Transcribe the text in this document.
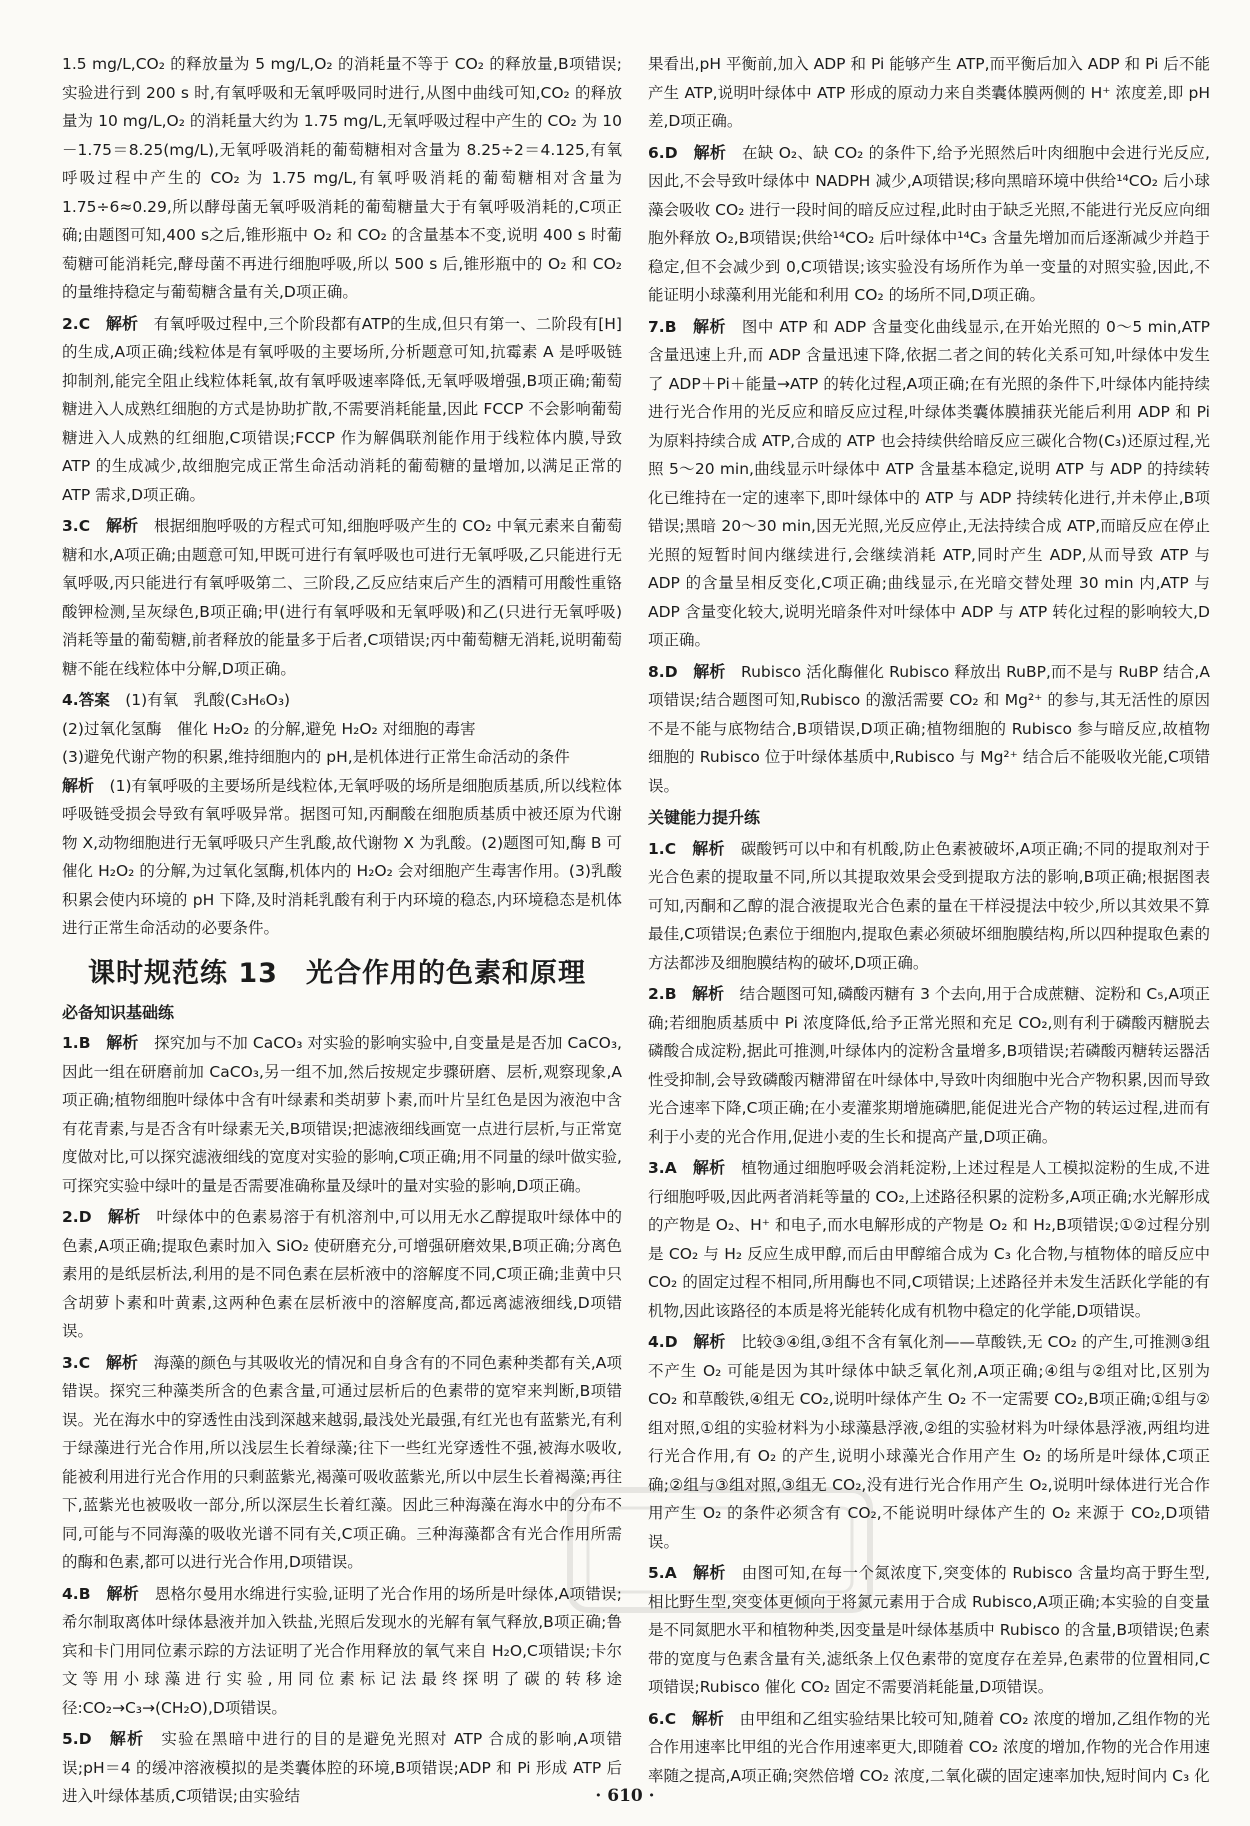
1.5 mg/L,CO₂ 的释放量为 5 mg/L,O₂ 的消耗量不等于 CO₂ 的释放量,B项错误;实验进行到 200 s 时,有氧呼吸和无氧呼吸同时进行,从图中曲线可知,CO₂ 的释放量为 10 mg/L,O₂ 的消耗量大约为 1.75 mg/L,无氧呼吸过程中产生的 CO₂ 为 10－1.75＝8.25(mg/L),无氧呼吸消耗的葡萄糖相对含量为 8.25÷2＝4.125,有氧呼吸过程中产生的 CO₂ 为 1.75 mg/L,有氧呼吸消耗的葡萄糖相对含量为 1.75÷6≈0.29,所以酵母菌无氧呼吸消耗的葡萄糖量大于有氧呼吸消耗的,C项正确;由题图可知,400 s之后,锥形瓶中 O₂ 和 CO₂ 的含量基本不变,说明 400 s 时葡萄糖可能消耗完,酵母菌不再进行细胞呼吸,所以 500 s 后,锥形瓶中的 O₂ 和 CO₂ 的量维持稳定与葡萄糖含量有关,D项正确。

2.C　 解析　 有氧呼吸过程中,三个阶段都有ATP的生成,但只有第一、二阶段有[H]的生成,A项正确;线粒体是有氧呼吸的主要场所,分析题意可知,抗霉素 A 是呼吸链抑制剂,能完全阻止线粒体耗氧,故有氧呼吸速率降低,无氧呼吸增强,B项正确;葡萄糖进入人成熟红细胞的方式是协助扩散,不需要消耗能量,因此 FCCP 不会影响葡萄糖进入人成熟的红细胞,C项错误;FCCP 作为解偶联剂能作用于线粒体内膜,导致 ATP 的生成减少,故细胞完成正常生命活动消耗的葡萄糖的量增加,以满足正常的 ATP 需求,D项正确。

3.C　 解析　 根据细胞呼吸的方程式可知,细胞呼吸产生的 CO₂ 中氧元素来自葡萄糖和水,A项正确;由题意可知,甲既可进行有氧呼吸也可进行无氧呼吸,乙只能进行无氧呼吸,丙只能进行有氧呼吸第二、三阶段,乙反应结束后产生的酒精可用酸性重铬酸钾检测,呈灰绿色,B项正确;甲(进行有氧呼吸和无氧呼吸)和乙(只进行无氧呼吸)消耗等量的葡萄糖,前者释放的能量多于后者,C项错误;丙中葡萄糖无消耗,说明葡萄糖不能在线粒体中分解,D项正确。

4.答案　 (1)有氧　乳酸(C₃H₆O₃)

(2)过氧化氢酶　催化 H₂O₂ 的分解,避免 H₂O₂ 对细胞的毒害

(3)避免代谢产物的积累,维持细胞内的 pH,是机体进行正常生命活动的条件

解析　 (1)有氧呼吸的主要场所是线粒体,无氧呼吸的场所是细胞质基质,所以线粒体呼吸链受损会导致有氧呼吸异常。据图可知,丙酮酸在细胞质基质中被还原为代谢物 X,动物细胞进行无氧呼吸只产生乳酸,故代谢物 X 为乳酸。(2)题图可知,酶 B 可催化 H₂O₂ 的分解,为过氧化氢酶,机体内的 H₂O₂ 会对细胞产生毒害作用。(3)乳酸积累会使内环境的 pH 下降,及时消耗乳酸有利于内环境的稳态,内环境稳态是机体进行正常生命活动的必要条件。

课时规范练 13　光合作用的色素和原理
必备知识基础练

1.B　 解析　 探究加与不加 CaCO₃ 对实验的影响实验中,自变量是是否加 CaCO₃,因此一组在研磨前加 CaCO₃,另一组不加,然后按规定步骤研磨、层析,观察现象,A项正确;植物细胞叶绿体中含有叶绿素和类胡萝卜素,而叶片呈红色是因为液泡中含有花青素,与是否含有叶绿素无关,B项错误;把滤液细线画宽一点进行层析,与正常宽度做对比,可以探究滤液细线的宽度对实验的影响,C项正确;用不同量的绿叶做实验,可探究实验中绿叶的量是否需要准确称量及绿叶的量对实验的影响,D项正确。

2.D　 解析　 叶绿体中的色素易溶于有机溶剂中,可以用无水乙醇提取叶绿体中的色素,A项正确;提取色素时加入 SiO₂ 使研磨充分,可增强研磨效果,B项正确;分离色素用的是纸层析法,利用的是不同色素在层析液中的溶解度不同,C项正确;韭黄中只含胡萝卜素和叶黄素,这两种色素在层析液中的溶解度高,都远离滤液细线,D项错误。

3.C　 解析　 海藻的颜色与其吸收光的情况和自身含有的不同色素种类都有关,A项错误。探究三种藻类所含的色素含量,可通过层析后的色素带的宽窄来判断,B项错误。光在海水中的穿透性由浅到深越来越弱,最浅处光最强,有红光也有蓝紫光,有利于绿藻进行光合作用,所以浅层生长着绿藻;往下一些红光穿透性不强,被海水吸收,能被利用进行光合作用的只剩蓝紫光,褐藻可吸收蓝紫光,所以中层生长着褐藻;再往下,蓝紫光也被吸收一部分,所以深层生长着红藻。因此三种海藻在海水中的分布不同,可能与不同海藻的吸收光谱不同有关,C项正确。三种海藻都含有光合作用所需的酶和色素,都可以进行光合作用,D项错误。

4.B　 解析　 恩格尔曼用水绵进行实验,证明了光合作用的场所是叶绿体,A项错误;希尔制取离体叶绿体悬液并加入铁盐,光照后发现水的光解有氧气释放,B项正确;鲁宾和卡门用同位素示踪的方法证明了光合作用释放的氧气来自 H₂O,C项错误;卡尔文等用小球藻进行实验,用同位素标记法最终探明了碳的转移途径:CO₂→C₃→(CH₂O),D项错误。

5.D　 解析　 实验在黑暗中进行的目的是避免光照对 ATP 合成的影响,A项错误;pH＝4 的缓冲溶液模拟的是类囊体腔的环境,B项错误;ADP 和 Pi 形成 ATP 后进入叶绿体基质,C项错误;由实验结

果看出,pH 平衡前,加入 ADP 和 Pi 能够产生 ATP,而平衡后加入 ADP 和 Pi 后不能产生 ATP,说明叶绿体中 ATP 形成的原动力来自类囊体膜两侧的 H⁺ 浓度差,即 pH 差,D项正确。

6.D　 解析　 在缺 O₂、缺 CO₂ 的条件下,给予光照然后叶肉细胞中会进行光反应,因此,不会导致叶绿体中 NADPH 减少,A项错误;移向黑暗环境中供给¹⁴CO₂ 后小球藻会吸收 CO₂ 进行一段时间的暗反应过程,此时由于缺乏光照,不能进行光反应向细胞外释放 O₂,B项错误;供给¹⁴CO₂ 后叶绿体中¹⁴C₃ 含量先增加而后逐渐减少并趋于稳定,但不会减少到 0,C项错误;该实验没有场所作为单一变量的对照实验,因此,不能证明小球藻利用光能和利用 CO₂ 的场所不同,D项正确。

7.B　 解析　 图中 ATP 和 ADP 含量变化曲线显示,在开始光照的 0～5 min,ATP 含量迅速上升,而 ADP 含量迅速下降,依据二者之间的转化关系可知,叶绿体中发生了 ADP＋Pi＋能量→ATP 的转化过程,A项正确;在有光照的条件下,叶绿体内能持续进行光合作用的光反应和暗反应过程,叶绿体类囊体膜捕获光能后利用 ADP 和 Pi 为原料持续合成 ATP,合成的 ATP 也会持续供给暗反应三碳化合物(C₃)还原过程,光照 5～20 min,曲线显示叶绿体中 ATP 含量基本稳定,说明 ATP 与 ADP 的持续转化已维持在一定的速率下,即叶绿体中的 ATP 与 ADP 持续转化进行,并未停止,B项错误;黑暗 20～30 min,因无光照,光反应停止,无法持续合成 ATP,而暗反应在停止光照的短暂时间内继续进行,会继续消耗 ATP,同时产生 ADP,从而导致 ATP 与 ADP 的含量呈相反变化,C项正确;曲线显示,在光暗交替处理 30 min 内,ATP 与 ADP 含量变化较大,说明光暗条件对叶绿体中 ADP 与 ATP 转化过程的影响较大,D项正确。

8.D　 解析　 Rubisco 活化酶催化 Rubisco 释放出 RuBP,而不是与 RuBP 结合,A项错误;结合题图可知,Rubisco 的激活需要 CO₂ 和 Mg²⁺ 的参与,其无活性的原因不是不能与底物结合,B项错误,D项正确;植物细胞的 Rubisco 参与暗反应,故植物细胞的 Rubisco 位于叶绿体基质中,Rubisco 与 Mg²⁺ 结合后不能吸收光能,C项错误。

关键能力提升练

1.C　 解析　 碳酸钙可以中和有机酸,防止色素被破坏,A项正确;不同的提取剂对于光合色素的提取量不同,所以其提取效果会受到提取方法的影响,B项正确;根据图表可知,丙酮和乙醇的混合液提取光合色素的量在干样浸提法中较少,所以其效果不算最佳,C项错误;色素位于细胞内,提取色素必须破坏细胞膜结构,所以四种提取色素的方法都涉及细胞膜结构的破坏,D项正确。

2.B　 解析　 结合题图可知,磷酸丙糖有 3 个去向,用于合成蔗糖、淀粉和 C₅,A项正确;若细胞质基质中 Pi 浓度降低,给予正常光照和充足 CO₂,则有利于磷酸丙糖脱去磷酸合成淀粉,据此可推测,叶绿体内的淀粉含量增多,B项错误;若磷酸丙糖转运器活性受抑制,会导致磷酸丙糖滞留在叶绿体中,导致叶肉细胞中光合产物积累,因而导致光合速率下降,C项正确;在小麦灌浆期增施磷肥,能促进光合产物的转运过程,进而有利于小麦的光合作用,促进小麦的生长和提高产量,D项正确。

3.A　 解析　 植物通过细胞呼吸会消耗淀粉,上述过程是人工模拟淀粉的生成,不进行细胞呼吸,因此两者消耗等量的 CO₂,上述路径积累的淀粉多,A项正确;水光解形成的产物是 O₂、H⁺ 和电子,而水电解形成的产物是 O₂ 和 H₂,B项错误;①②过程分别是 CO₂ 与 H₂ 反应生成甲醇,而后由甲醇缩合成为 C₃ 化合物,与植物体的暗反应中 CO₂ 的固定过程不相同,所用酶也不同,C项错误;上述路径并未发生活跃化学能的有机物,因此该路径的本质是将光能转化成有机物中稳定的化学能,D项错误。

4.D　 解析　 比较③④组,③组不含有氧化剂——草酸铁,无 CO₂ 的产生,可推测③组不产生 O₂ 可能是因为其叶绿体中缺乏氧化剂,A项正确;④组与②组对比,区别为 CO₂ 和草酸铁,④组无 CO₂,说明叶绿体产生 O₂ 不一定需要 CO₂,B项正确;①组与②组对照,①组的实验材料为小球藻悬浮液,②组的实验材料为叶绿体悬浮液,两组均进行光合作用,有 O₂ 的产生,说明小球藻光合作用产生 O₂ 的场所是叶绿体,C项正确;②组与③组对照,③组无 CO₂,没有进行光合作用产生 O₂,说明叶绿体进行光合作用产生 O₂ 的条件必须含有 CO₂,不能说明叶绿体产生的 O₂ 来源于 CO₂,D项错误。

5.A　 解析　 由图可知,在每一个氮浓度下,突变体的 Rubisco 含量均高于野生型,相比野生型,突变体更倾向于将氮元素用于合成 Rubisco,A项正确;本实验的自变量是不同氮肥水平和植物种类,因变量是叶绿体基质中 Rubisco 的含量,B项错误;色素带的宽度与色素含量有关,滤纸条上仅色素带的宽度存在差异,色素带的位置相同,C项错误;Rubisco 催化 CO₂ 固定不需要消耗能量,D项错误。

6.C　 解析　 由甲组和乙组实验结果比较可知,随着 CO₂ 浓度的增加,乙组作物的光合作用速率比甲组的光合作用速率更大,即随着 CO₂ 浓度的增加,作物的光合作用速率随之提高,A项正确;突然倍增 CO₂ 浓度,二氧化碳的固定速率加快,短时间内 C₃ 化

· 610 ·
